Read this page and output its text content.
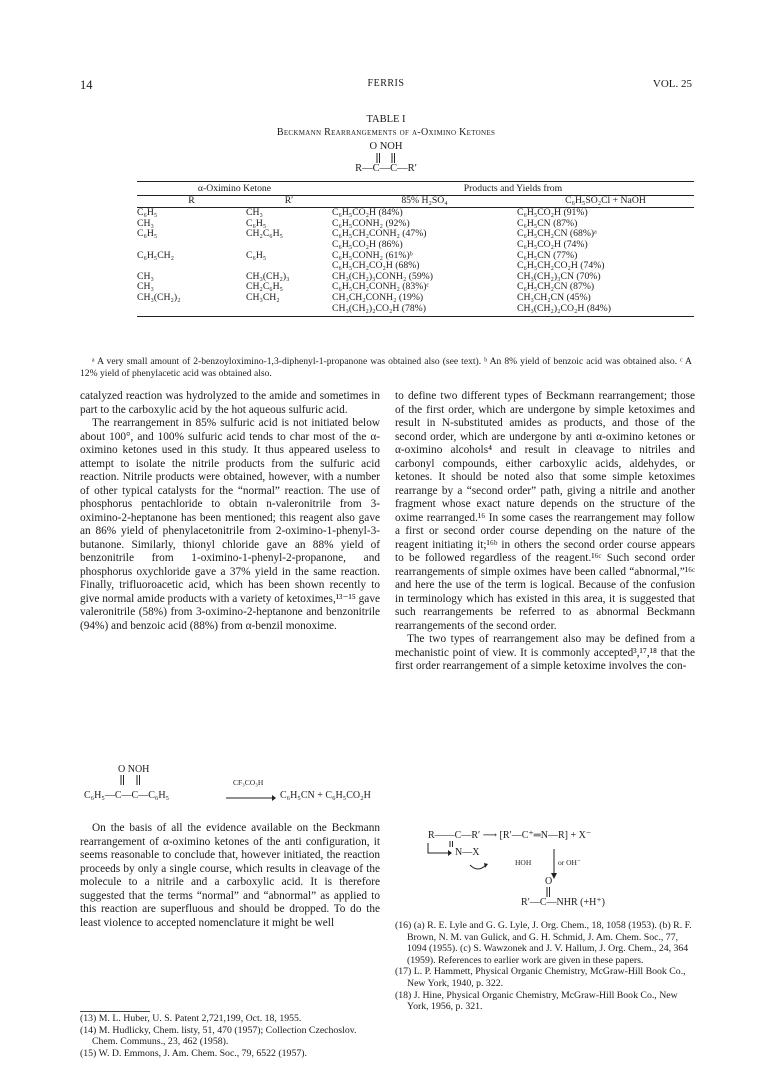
14	FERRIS	VOL. 25
TABLE I
Beckmann Rearrangements of α-Oximino Ketones
O NOH
R—C—C—R′
α-Oximino Ketone		Products and Yields from	
R	R′	85% H₂SO₄	C₆H₅SO₂Cl + NaOH
C₆H₅	CH₃	C₆H₅CO₂H (84%)	C₆H₅CO₂H (91%)
CH₃	C₆H₅	C₆H₅CONH₂ (92%)	C₆H₅CN (87%)
C₆H₅	CH₂C₆H₅	C₆H₅CH₂CONH₂ (47%)	C₆H₅CH₂CN (68%)ᵃ
		C₆H₅CO₂H (86%)	C₆H₅CO₂H (74%)
C₆H₅CH₂	C₆H₅	C₆H₅CONH₂ (61%)ᵇ	C₆H₅CN (77%)
		C₆H₅CH₂CO₂H (68%)	C₆H₅CH₂CO₂H (74%)
CH₃	CH₃(CH₂)₃	CH₃(CH₂)₃CONH₂ (59%)	CH₃(CH₂)₃CN (70%)
CH₃	CH₂C₆H₅	C₆H₅CH₂CONH₂ (83%)ᶜ	C₆H₅CH₂CN (87%)
CH₃(CH₂)₂	CH₃CH₂	CH₃CH₂CONH₂ (19%)	CH₃CH₂CN (45%)
		CH₃(CH₂)₂CO₂H (78%)	CH₃(CH₂)₂CO₂H (84%)
ᵃ A very small amount of 2-benzoyloximino-1,3-diphenyl-1-propanone was obtained also (see text). ᵇ An 8% yield of benzoic acid was obtained also. ᶜ A 12% yield of phenylacetic acid was obtained also.

catalyzed reaction was hydrolyzed to the amide and sometimes in part to the carboxylic acid by the hot aqueous sulfuric acid.

The rearrangement in 85% sulfuric acid is not initiated below about 100°, and 100% sulfuric acid tends to char most of the α-oximino ketones used in this study. It thus appeared useless to attempt to isolate the nitrile products from the sulfuric acid reaction. Nitrile products were obtained, however, with a number of other typical catalysts for the “normal” reaction. The use of phosphorus pentachloride to obtain n-valeronitrile from 3-oximino-2-heptanone has been mentioned; this reagent also gave an 86% yield of phenylacetonitrile from 2-oximino-1-phenyl-3-butanone. Similarly, thionyl chloride gave an 88% yield of benzonitrile from 1-oximino-1-phenyl-2-propanone, and phosphorus oxychloride gave a 37% yield in the same reaction. Finally, trifluoroacetic acid, which has been shown recently to give normal amide products with a variety of ketoximes,¹³⁻¹⁵ gave valeronitrile (58%) from 3-oximino-2-heptanone and benzonitrile (94%) and benzoic acid (88%) from α-benzil monoxime.

O NOH
CF₃CO₃H
C₆H₅—C—C—C₆H₅	→ C₆H₅CN + C₆H₅CO₂H

On the basis of all the evidence available on the Beckmann rearrangement of α-oximino ketones of the anti configuration, it seems reasonable to conclude that, however initiated, the reaction proceeds by only a single course, which results in cleavage of the molecule to a nitrile and a carboxylic acid. It is therefore suggested that the terms “normal” and “abnormal” as applied to this reaction are superfluous and should be dropped. To do the least violence to accepted nomenclature it might be well

(13) M. L. Huber, U. S. Patent 2,721,199, Oct. 18, 1955.

(14) M. Hudlicky, Chem. listy, 51, 470 (1957); Collection Czechoslov. Chem. Communs., 23, 462 (1958).

(15) W. D. Emmons, J. Am. Chem. Soc., 79, 6522 (1957).

to define two different types of Beckmann rearrangement; those of the first order, which are undergone by simple ketoximes and result in N-substituted amides as products, and those of the second order, which are undergone by anti α-oximino ketones or α-oximino alcohols⁴ and result in cleavage to nitriles and carbonyl compounds, either carboxylic acids, aldehydes, or ketones. It should be noted also that some simple ketoximes rearrange by a “second order” path, giving a nitrile and another fragment whose exact nature depends on the structure of the oxime rearranged.¹⁶ In some cases the rearrangement may follow a first or second order course depending on the nature of the reagent initiating it;¹⁶ᵇ in others the second order course appears to be followed regardless of the reagent.¹⁶ᶜ Such second order rearrangements of simple oximes have been called “abnormal,”¹⁶ᶜ and here the use of the term is logical. Because of the confusion in terminology which has existed in this area, it is suggested that such rearrangements be referred to as abnormal Beckmann rearrangements of the second order.

The two types of rearrangement also may be defined from a mechanistic point of view. It is commonly accepted³,¹⁷,¹⁸ that the first order rearrangement of a simple ketoxime involves the con-

R——C—R′ ⟶ [R′—C⁺═N—R] + X⁻
N—X
HOH	or OH⁻
O
R′—C—NHR (+H⁺)

(16) (a) R. E. Lyle and G. G. Lyle, J. Org. Chem., 18, 1058 (1953). (b) R. F. Brown, N. M. van Gulick, and G. H. Schmid, J. Am. Chem. Soc., 77, 1094 (1955). (c) S. Wawzonek and J. V. Hallum, J. Org. Chem., 24, 364 (1959). References to earlier work are given in these papers.

(17) L. P. Hammett, Physical Organic Chemistry, McGraw-Hill Book Co., New York, 1940, p. 322.

(18) J. Hine, Physical Organic Chemistry, McGraw-Hill Book Co., New York, 1956, p. 321.
